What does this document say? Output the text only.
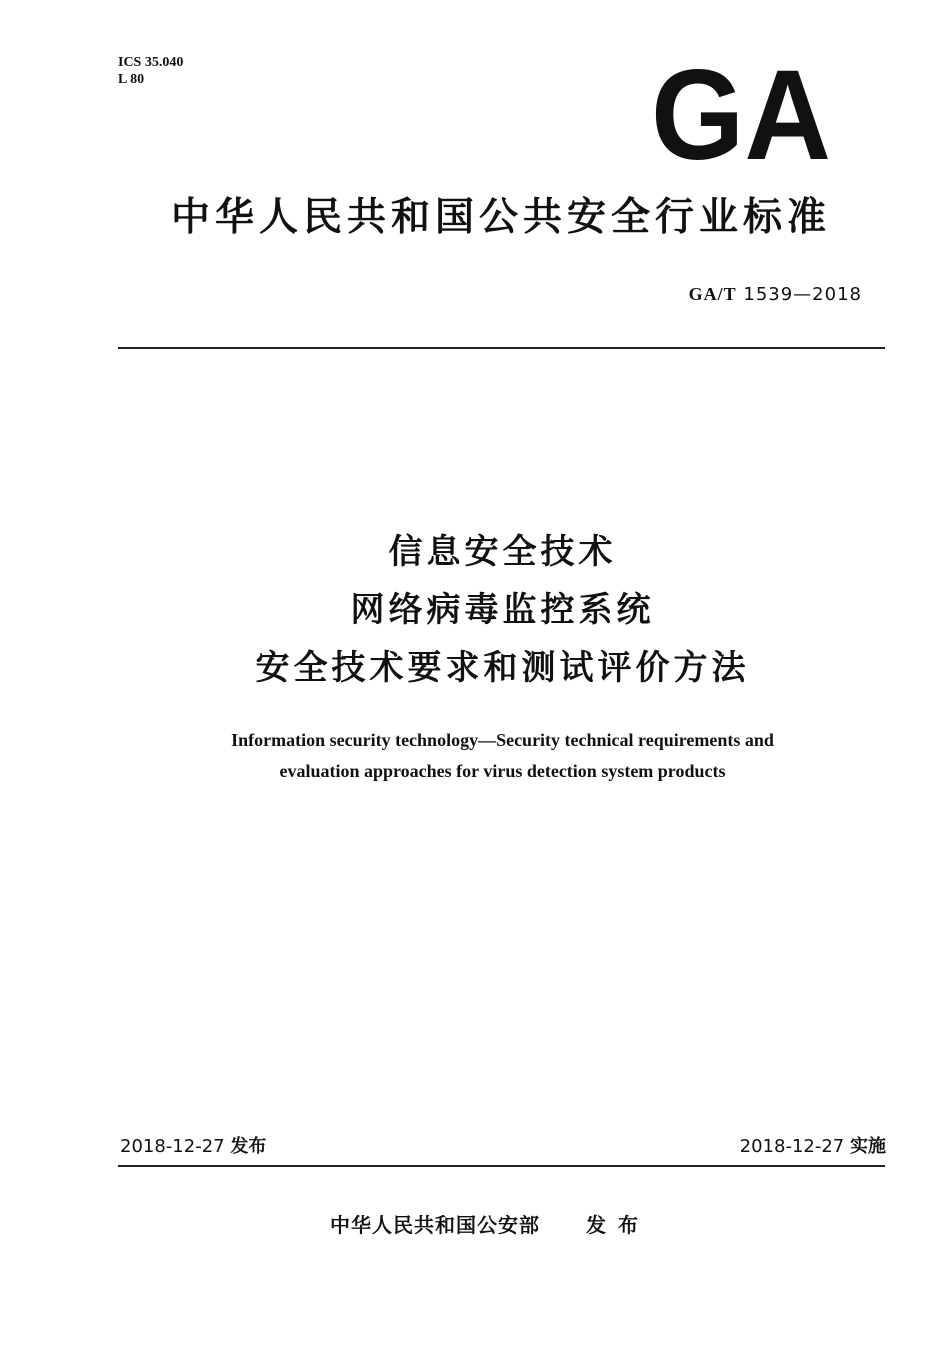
ICS 35.040
L 80	GA
中华人民共和国公共安全行业标准
GA/T 1539—2018
信息安全技术
网络病毒监控系统
安全技术要求和测试评价方法
Information security technology—Security technical requirements and
evaluation approaches for virus detection system products
2018-12-27 发布	2018-12-27 实施
中华人民共和国公安部 发布
